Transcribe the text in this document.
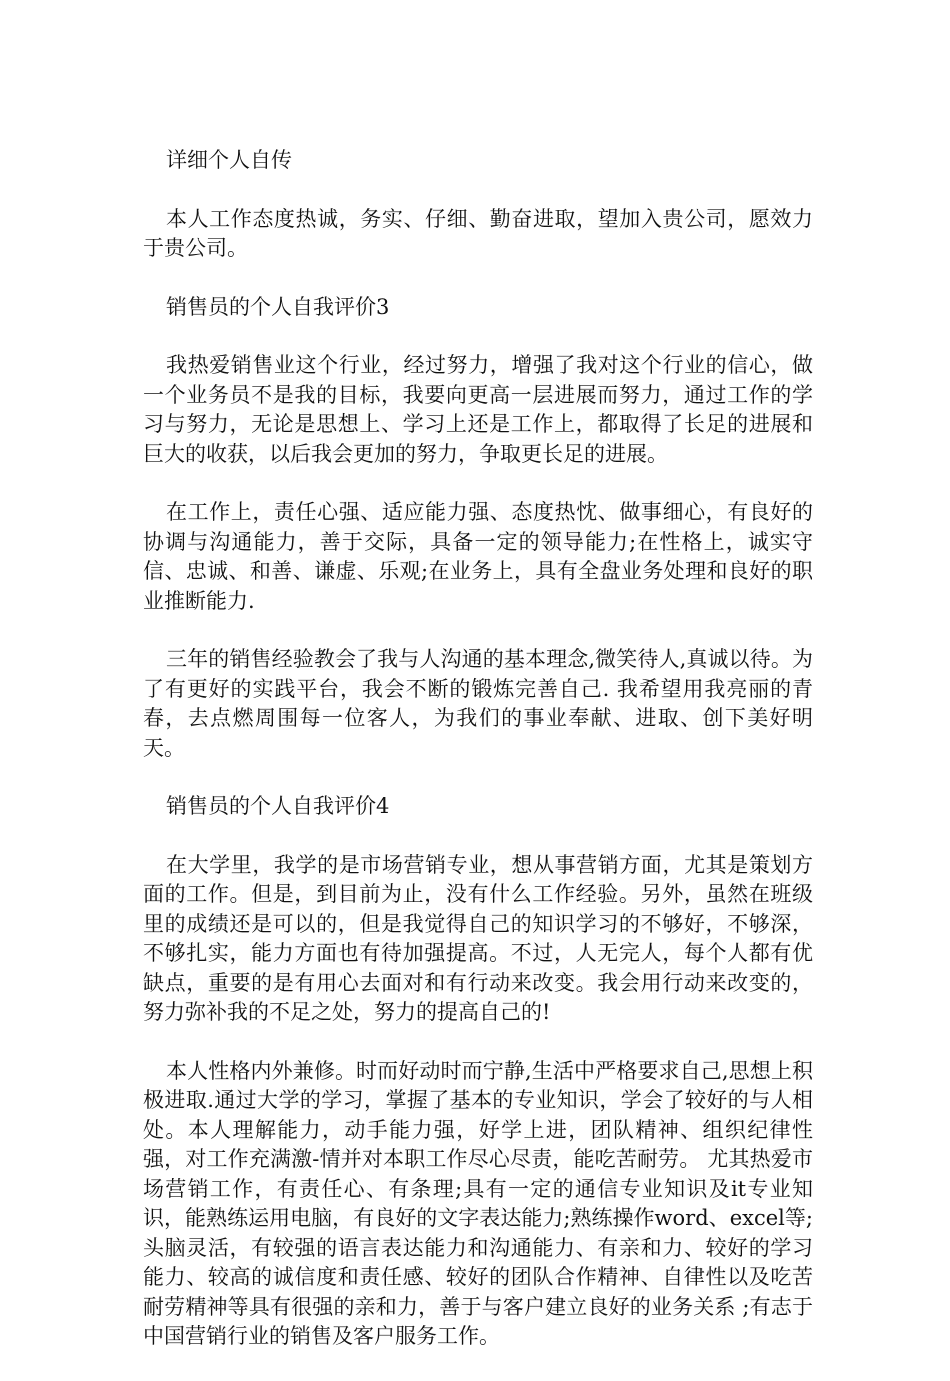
详细个人自传

本人工作态度热诚，务实、仔细、勤奋进取，望加入贵公司，愿效力于贵公司。

销售员的个人自我评价3

我热爱销售业这个行业，经过努力，增强了我对这个行业的信心，做一个业务员不是我的目标，我要向更高一层进展而努力，通过工作的学习与努力，无论是思想上、学习上还是工作上，都取得了长足的进展和巨大的收获，以后我会更加的努力，争取更长足的进展。

在工作上，责任心强、适应能力强、态度热忱、做事细心，有良好的协调与沟通能力，善于交际，具备一定的领导能力;在性格上，诚实守信、忠诚、和善、谦虚、乐观;在业务上，具有全盘业务处理和良好的职业推断能力.

三年的销售经验教会了我与人沟通的基本理念,微笑待人,真诚以待。为了有更好的实践平台，我会不断的锻炼完善自己. 我希望用我亮丽的青春，去点燃周围每一位客人，为我们的事业奉献、进取、创下美好明天。

销售员的个人自我评价4

在大学里，我学的是市场营销专业，想从事营销方面，尤其是策划方面的工作。但是，到目前为止，没有什么工作经验。另外，虽然在班级里的成绩还是可以的，但是我觉得自己的知识学习的不够好，不够深，不够扎实，能力方面也有待加强提高。不过，人无完人，每个人都有优缺点，重要的是有用心去面对和有行动来改变。我会用行动来改变的，努力弥补我的不足之处，努力的提高自己的!

本人性格内外兼修。时而好动时而宁静,生活中严格要求自己,思想上积极进取.通过大学的学习，掌握了基本的专业知识，学会了较好的与人相处。本人理解能力，动手能力强，好学上进，团队精神、组织纪律性强，对工作充满激-情并对本职工作尽心尽责，能吃苦耐劳。 尤其热爱市场营销工作，有责任心、有条理;具有一定的通信专业知识及it专业知识，能熟练运用电脑，有良好的文字表达能力;熟练操作word、excel等;头脑灵活，有较强的语言表达能力和沟通能力、有亲和力、较好的学习能力、较高的诚信度和责任感、较好的团队合作精神、自律性以及吃苦耐劳精神等具有很强的亲和力，善于与客户建立良好的业务关系 ;有志于中国营销行业的销售及客户服务工作。
